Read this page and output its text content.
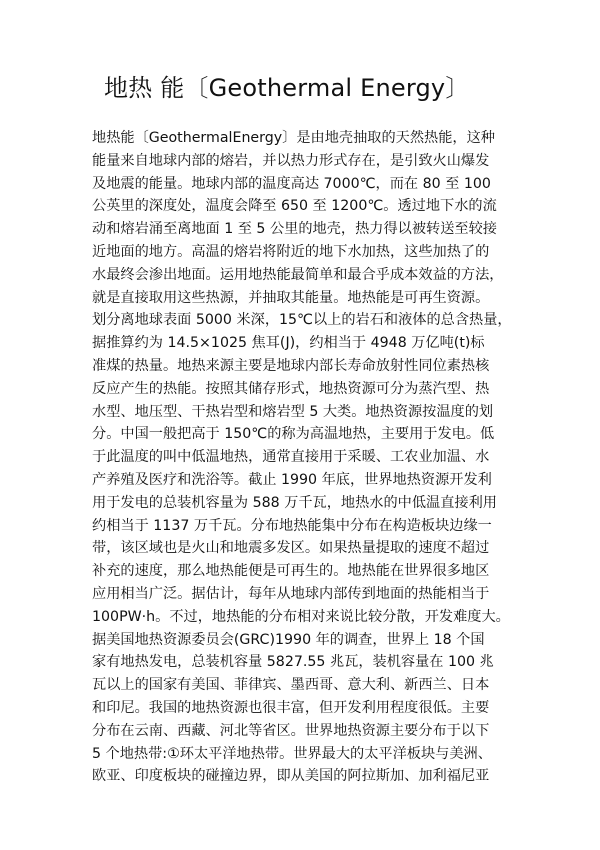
地热 能〔Geothermal Energy〕
地热能〔GeothermalEnergy〕是由地壳抽取的天然热能，这种
能量来自地球内部的熔岩，并以热力形式存在，是引致火山爆发
及地震的能量。地球内部的温度高达 7000℃，而在 80 至 100
公英里的深度处，温度会降至 650 至 1200℃。透过地下水的流
动和熔岩涌至离地面 1 至 5 公里的地壳，热力得以被转送至较接
近地面的地方。高温的熔岩将附近的地下水加热，这些加热了的
水最终会渗出地面。运用地热能最简单和最合乎成本效益的方法，
就是直接取用这些热源，并抽取其能量。地热能是可再生资源。
划分离地球表面 5000 米深，15℃以上的岩石和液体的总含热量，
据推算约为 14.5×1025 焦耳(J)，约相当于 4948 万亿吨(t)标
准煤的热量。地热来源主要是地球内部长寿命放射性同位素热核
反应产生的热能。按照其储存形式，地热资源可分为蒸汽型、热
水型、地压型、干热岩型和熔岩型 5 大类。地热资源按温度的划
分。中国一般把高于 150℃的称为高温地热，主要用于发电。低
于此温度的叫中低温地热，通常直接用于采暖、工农业加温、水
产养殖及医疗和洗浴等。截止 1990 年底，世界地热资源开发利
用于发电的总装机容量为 588 万千瓦，地热水的中低温直接利用
约相当于 1137 万千瓦。分布地热能集中分布在构造板块边缘一
带，该区域也是火山和地震多发区。如果热量提取的速度不超过
补充的速度，那么地热能便是可再生的。地热能在世界很多地区
应用相当广泛。据估计，每年从地球内部传到地面的热能相当于
100PW·h。不过，地热能的分布相对来说比较分散，开发难度大。
据美国地热资源委员会(GRC)1990 年的调查，世界上 18 个国
家有地热发电，总装机容量 5827.55 兆瓦，装机容量在 100 兆
瓦以上的国家有美国、菲律宾、墨西哥、意大利、新西兰、日本
和印尼。我国的地热资源也很丰富，但开发利用程度很低。主要
分布在云南、西藏、河北等省区。世界地热资源主要分布于以下
5 个地热带:①环太平洋地热带。世界最大的太平洋板块与美洲、
欧亚、印度板块的碰撞边界，即从美国的阿拉斯加、加利福尼亚
